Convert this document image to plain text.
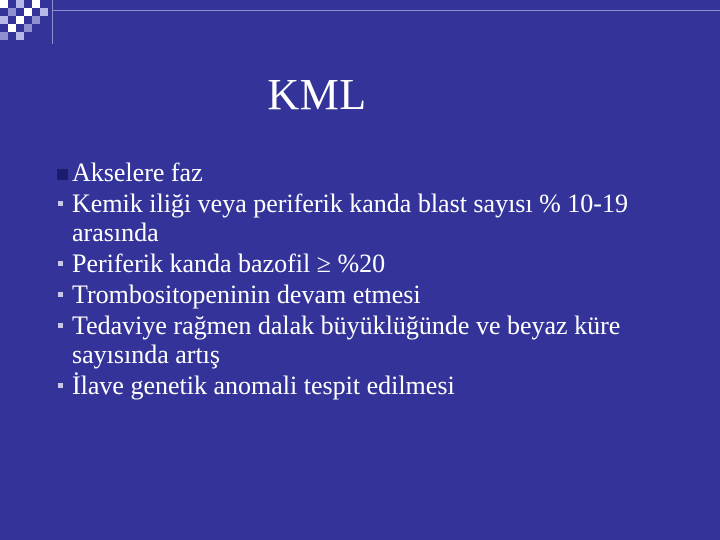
KML
Akselere faz
Kemik iliği veya periferik kanda blast sayısı % 10-19 arasında
Periferik kanda bazofil ≥ %20
Trombositopeninin devam etmesi
Tedaviye rağmen dalak büyüklüğünde ve beyaz küre sayısında artış
İlave genetik anomali tespit edilmesi
